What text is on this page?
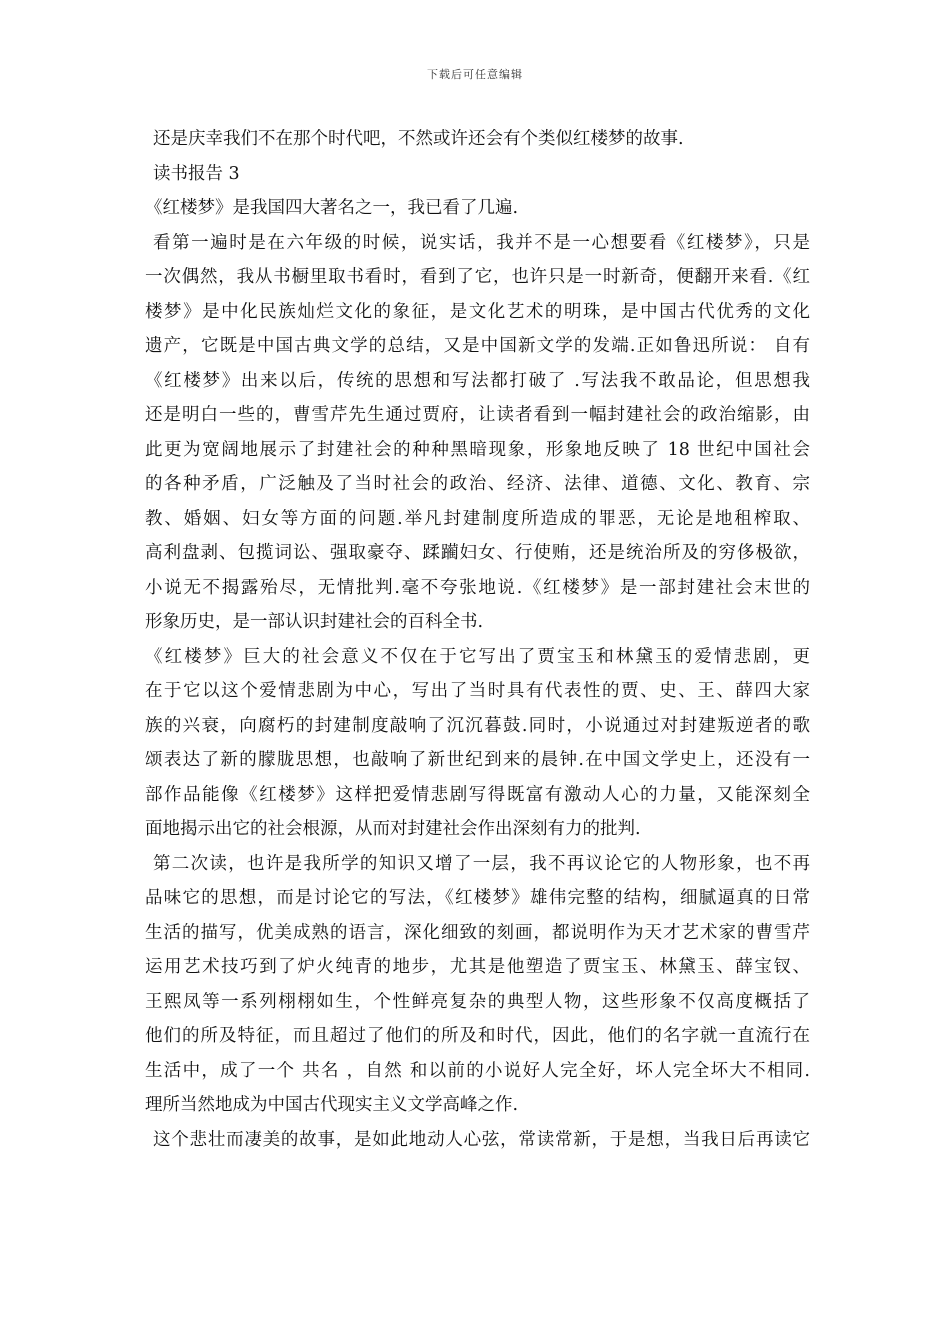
下载后可任意编辑
还是庆幸我们不在那个时代吧，不然或许还会有个类似红楼梦的故事.
读书报告 3
《红楼梦》是我国四大著名之一，我已看了几遍.
看第一遍时是在六年级的时候，说实话，我并不是一心想要看《红楼梦》，只是
一次偶然，我从书橱里取书看时，看到了它，也许只是一时新奇，便翻开来看.《红
楼梦》是中化民族灿烂文化的象征，是文化艺术的明珠，是中国古代优秀的文化
遗产，它既是中国古典文学的总结，又是中国新文学的发端.正如鲁迅所说： 自有
《红楼梦》出来以后，传统的思想和写法都打破了 .写法我不敢品论，但思想我
还是明白一些的，曹雪芹先生通过贾府，让读者看到一幅封建社会的政治缩影，由
此更为宽阔地展示了封建社会的种种黑暗现象，形象地反映了 18 世纪中国社会
的各种矛盾，广泛触及了当时社会的政治、经济、法律、道德、文化、教育、宗
教、婚姻、妇女等方面的问题.举凡封建制度所造成的罪恶，无论是地租榨取、
高利盘剥、包揽词讼、强取豪夺、蹂躏妇女、行使贿，还是统治所及的穷侈极欲，
小说无不揭露殆尽，无情批判.毫不夸张地说.《红楼梦》是一部封建社会末世的
形象历史，是一部认识封建社会的百科全书.
《红楼梦》巨大的社会意义不仅在于它写出了贾宝玉和林黛玉的爱情悲剧，更
在于它以这个爱情悲剧为中心，写出了当时具有代表性的贾、史、王、薛四大家
族的兴衰，向腐朽的封建制度敲响了沉沉暮鼓.同时，小说通过对封建叛逆者的歌
颂表达了新的朦胧思想，也敲响了新世纪到来的晨钟.在中国文学史上，还没有一
部作品能像《红楼梦》这样把爱情悲剧写得既富有激动人心的力量，又能深刻全
面地揭示出它的社会根源，从而对封建社会作出深刻有力的批判.
第二次读，也许是我所学的知识又增了一层，我不再议论它的人物形象，也不再
品味它的思想，而是讨论它的写法，《红楼梦》雄伟完整的结构，细腻逼真的日常
生活的描写，优美成熟的语言，深化细致的刻画，都说明作为天才艺术家的曹雪芹
运用艺术技巧到了炉火纯青的地步，尤其是他塑造了贾宝玉、林黛玉、薛宝钗、
王熙凤等一系列栩栩如生，个性鲜亮复杂的典型人物，这些形象不仅高度概括了
他们的所及特征，而且超过了他们的所及和时代，因此，他们的名字就一直流行在
生活中，成了一个 共名 ，自然 和以前的小说好人完全好，坏人完全坏大不相同.
理所当然地成为中国古代现实主义文学高峰之作.
这个悲壮而凄美的故事，是如此地动人心弦，常读常新，于是想，当我日后再读它
